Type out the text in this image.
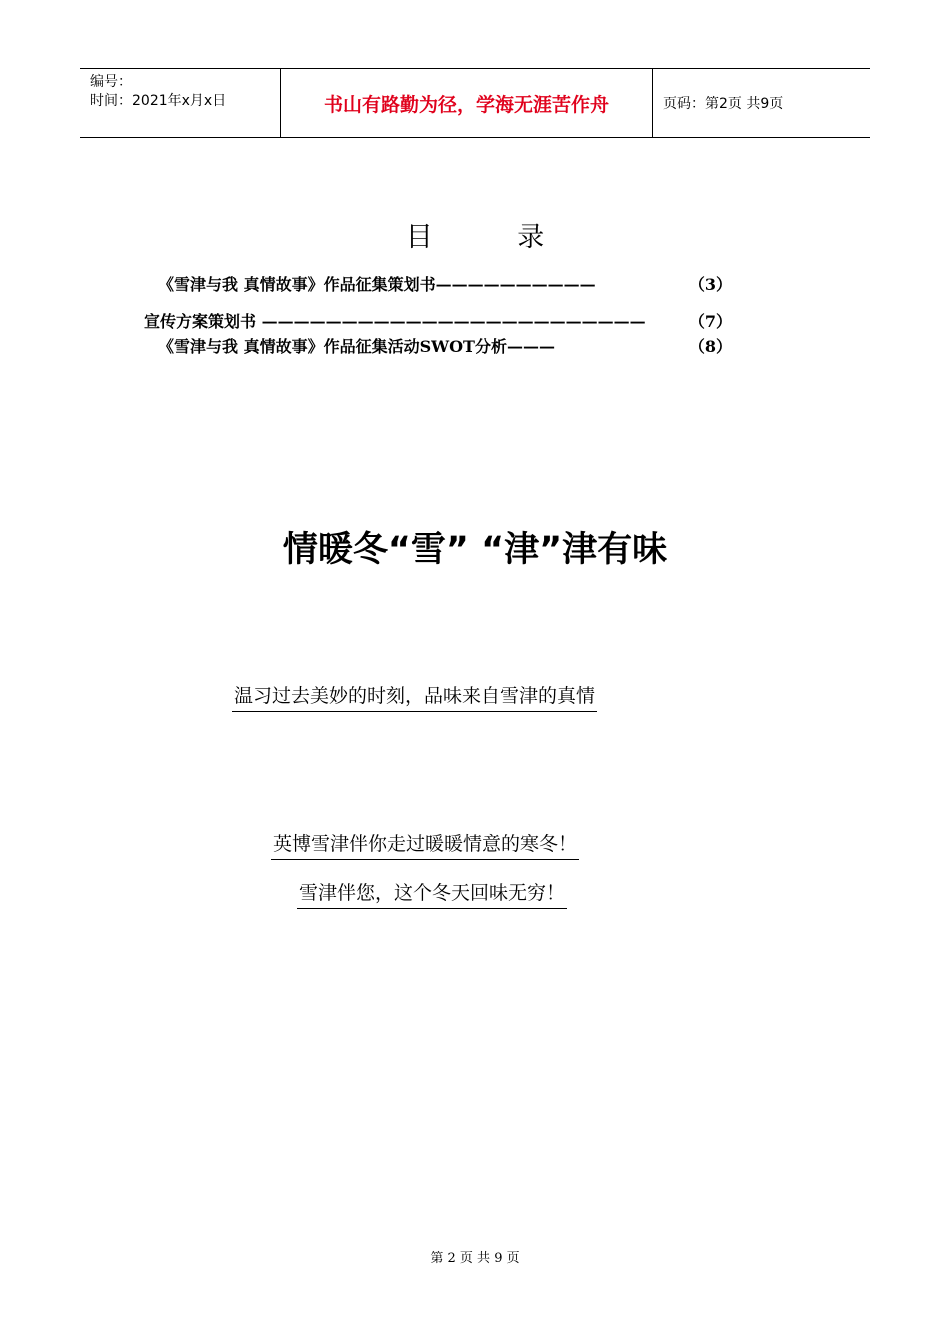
编号：
时间：2021年x月x日	书山有路勤为径，学海无涯苦作舟	页码：第2页 共9页
目 录
《雪津与我 真情故事》作品征集策划书——————————	（3）
宣传方案策划书 ————————————————————————	（7）
《雪津与我 真情故事》作品征集活动SWOT分析———	（8）
情暖冬“雪” “津”津有味
温习过去美妙的时刻，品味来自雪津的真情
英博雪津伴你走过暖暖情意的寒冬！
雪津伴您，这个冬天回味无穷！
第 2 页 共 9 页
